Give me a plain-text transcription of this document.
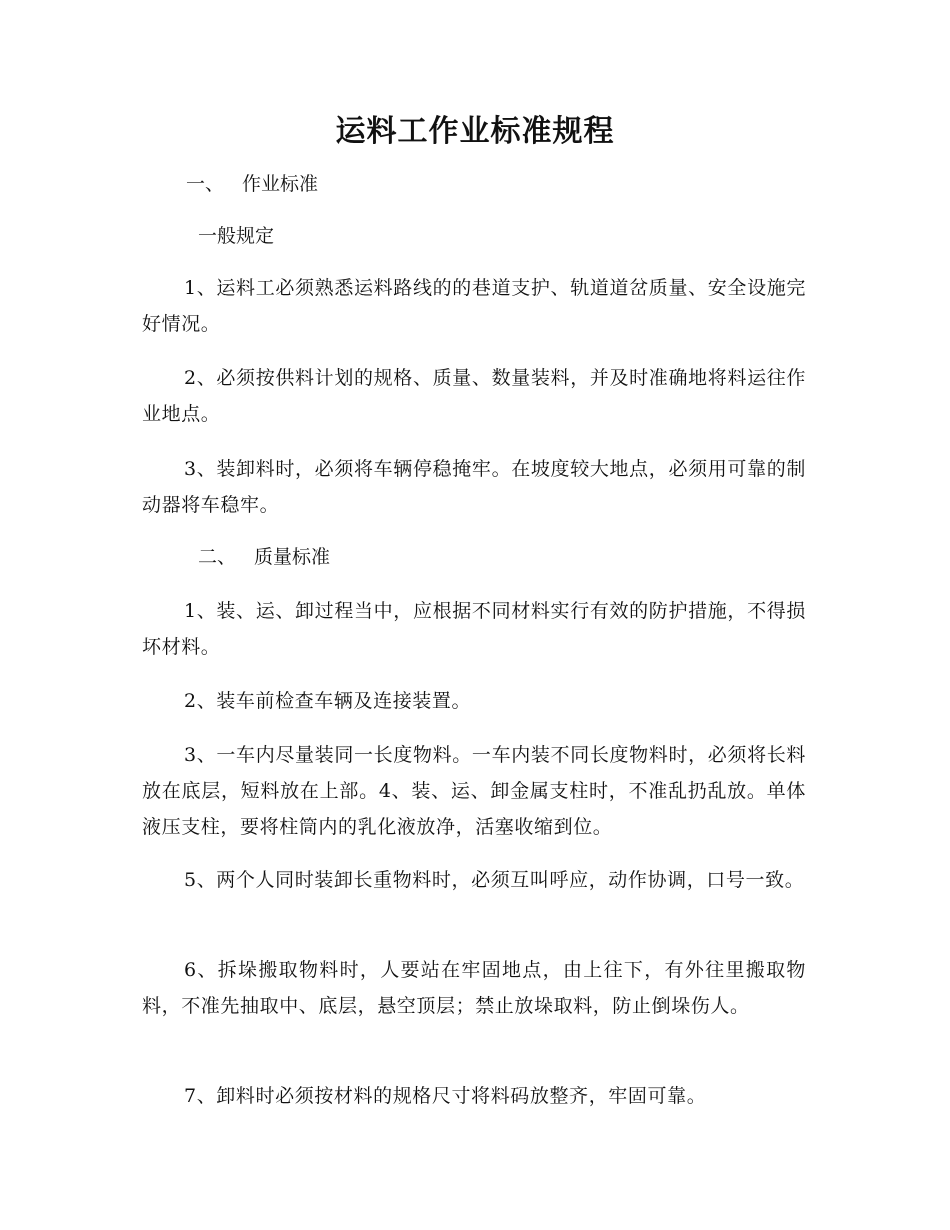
运料工作业标准规程
一、 作业标准
一般规定
1、运料工必须熟悉运料路线的的巷道支护、轨道道岔质量、安全设施完好情况。
2、必须按供料计划的规格、质量、数量装料，并及时准确地将料运往作业地点。
3、装卸料时，必须将车辆停稳掩牢。在坡度较大地点，必须用可靠的制动器将车稳牢。
二、 质量标准
1、装、运、卸过程当中，应根据不同材料实行有效的防护措施，不得损坏材料。
2、装车前检查车辆及连接装置。
3、一车内尽量装同一长度物料。一车内装不同长度物料时，必须将长料放在底层，短料放在上部。4、装、运、卸金属支柱时，不准乱扔乱放。单体液压支柱，要将柱筒内的乳化液放净，活塞收缩到位。
5、两个人同时装卸长重物料时，必须互叫呼应，动作协调，口号一致。
6、拆垛搬取物料时，人要站在牢固地点，由上往下，有外往里搬取物料，不准先抽取中、底层，悬空顶层；禁止放垛取料，防止倒垛伤人。
7、卸料时必须按材料的规格尺寸将料码放整齐，牢固可靠。
